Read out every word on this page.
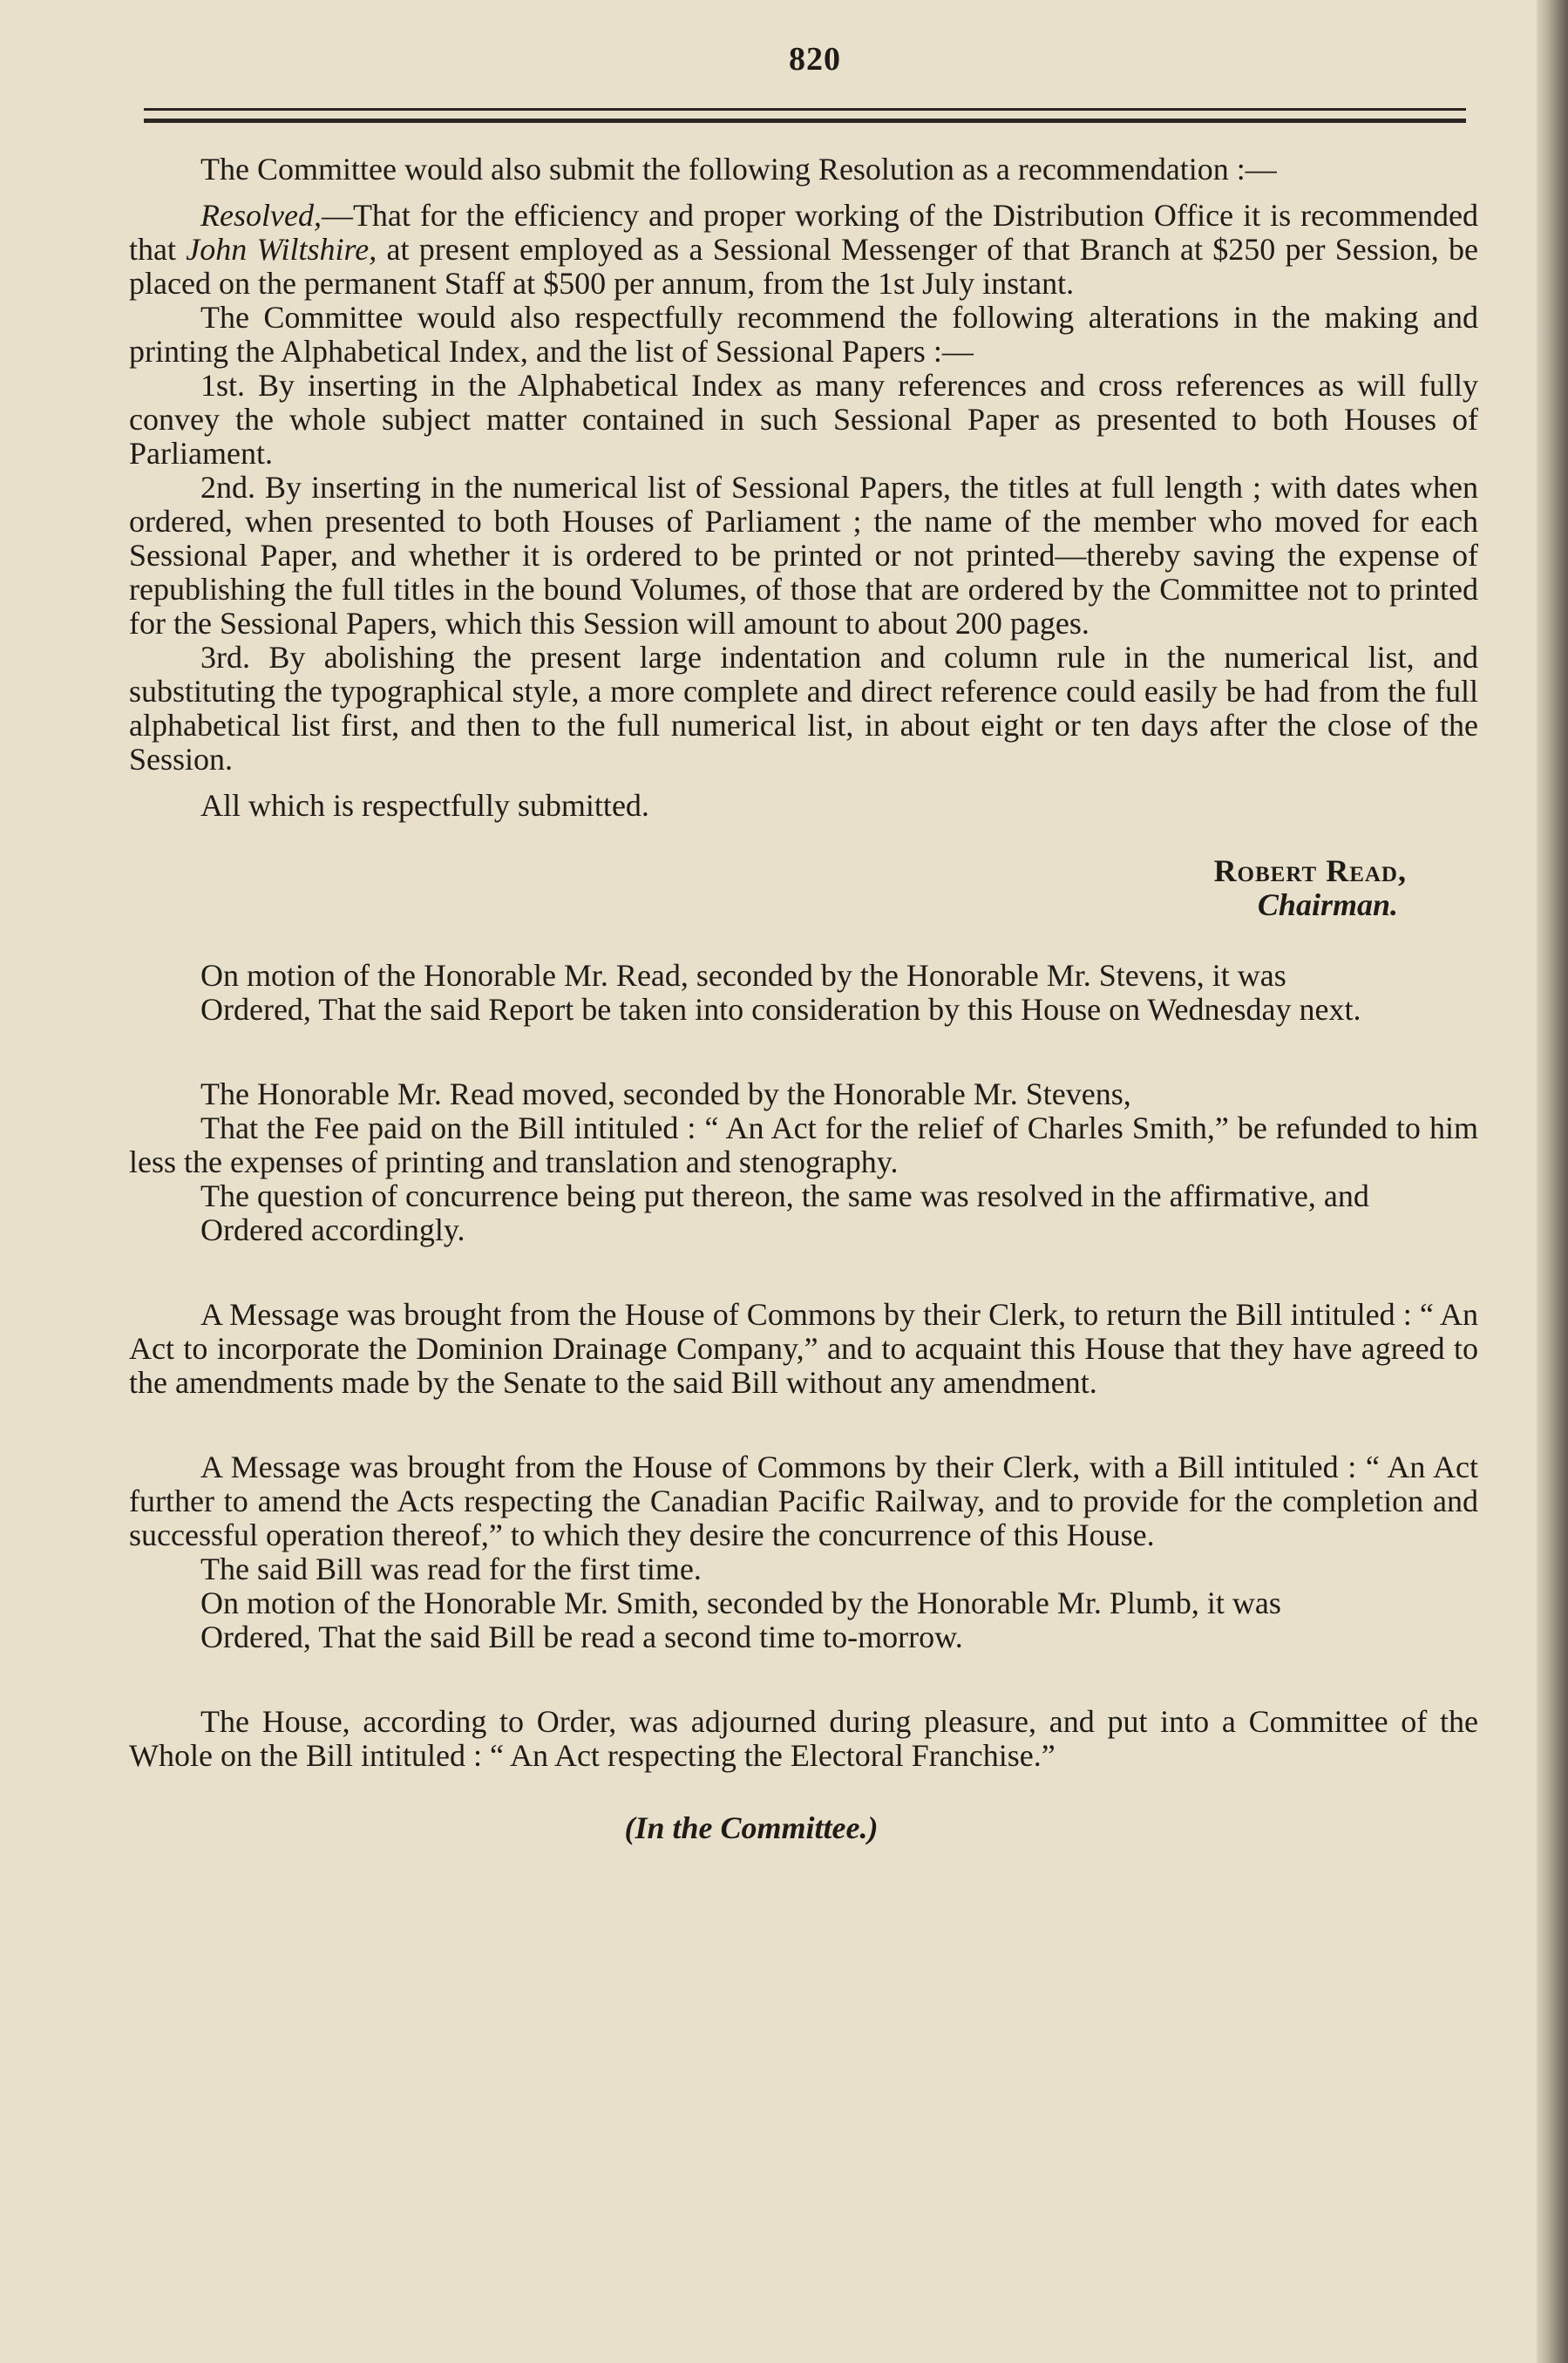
820

The Committee would also submit the following Resolution as a recommendation :—

Resolved,—That for the efficiency and proper working of the Distribution Office it is recommended that John Wiltshire, at present employed as a Sessional Messenger of that Branch at $250 per Session, be placed on the permanent Staff at $500 per annum, from the 1st July instant.

The Committee would also respectfully recommend the following alterations in the making and printing the Alphabetical Index, and the list of Sessional Papers :—

1st. By inserting in the Alphabetical Index as many references and cross references as will fully convey the whole subject matter contained in such Sessional Paper as presented to both Houses of Parliament.

2nd. By inserting in the numerical list of Sessional Papers, the titles at full length ; with dates when ordered, when presented to both Houses of Parliament ; the name of the member who moved for each Sessional Paper, and whether it is ordered to be printed or not printed—thereby saving the expense of republishing the full titles in the bound Volumes, of those that are ordered by the Committee not to printed for the Sessional Papers, which this Session will amount to about 200 pages.

3rd. By abolishing the present large indentation and column rule in the numerical list, and substituting the typographical style, a more complete and direct reference could easily be had from the full alphabetical list first, and then to the full numerical list, in about eight or ten days after the close of the Session.

All which is respectfully submitted.

Robert Read,
Chairman.

On motion of the Honorable Mr. Read, seconded by the Honorable Mr. Stevens, it was

Ordered, That the said Report be taken into consideration by this House on Wednesday next.

The Honorable Mr. Read moved, seconded by the Honorable Mr. Stevens,

That the Fee paid on the Bill intituled : “ An Act for the relief of Charles Smith,” be refunded to him less the expenses of printing and translation and stenography.

The question of concurrence being put thereon, the same was resolved in the affirmative, and

Ordered accordingly.

A Message was brought from the House of Commons by their Clerk, to return the Bill intituled : “ An Act to incorporate the Dominion Drainage Company,” and to acquaint this House that they have agreed to the amendments made by the Senate to the said Bill without any amendment.

A Message was brought from the House of Commons by their Clerk, with a Bill intituled : “ An Act further to amend the Acts respecting the Canadian Pacific Railway, and to provide for the completion and successful operation thereof,” to which they desire the concurrence of this House.

The said Bill was read for the first time.

On motion of the Honorable Mr. Smith, seconded by the Honorable Mr. Plumb, it was

Ordered, That the said Bill be read a second time to-morrow.

The House, according to Order, was adjourned during pleasure, and put into a Committee of the Whole on the Bill intituled : “ An Act respecting the Electoral Franchise.”

(In the Committee.)
